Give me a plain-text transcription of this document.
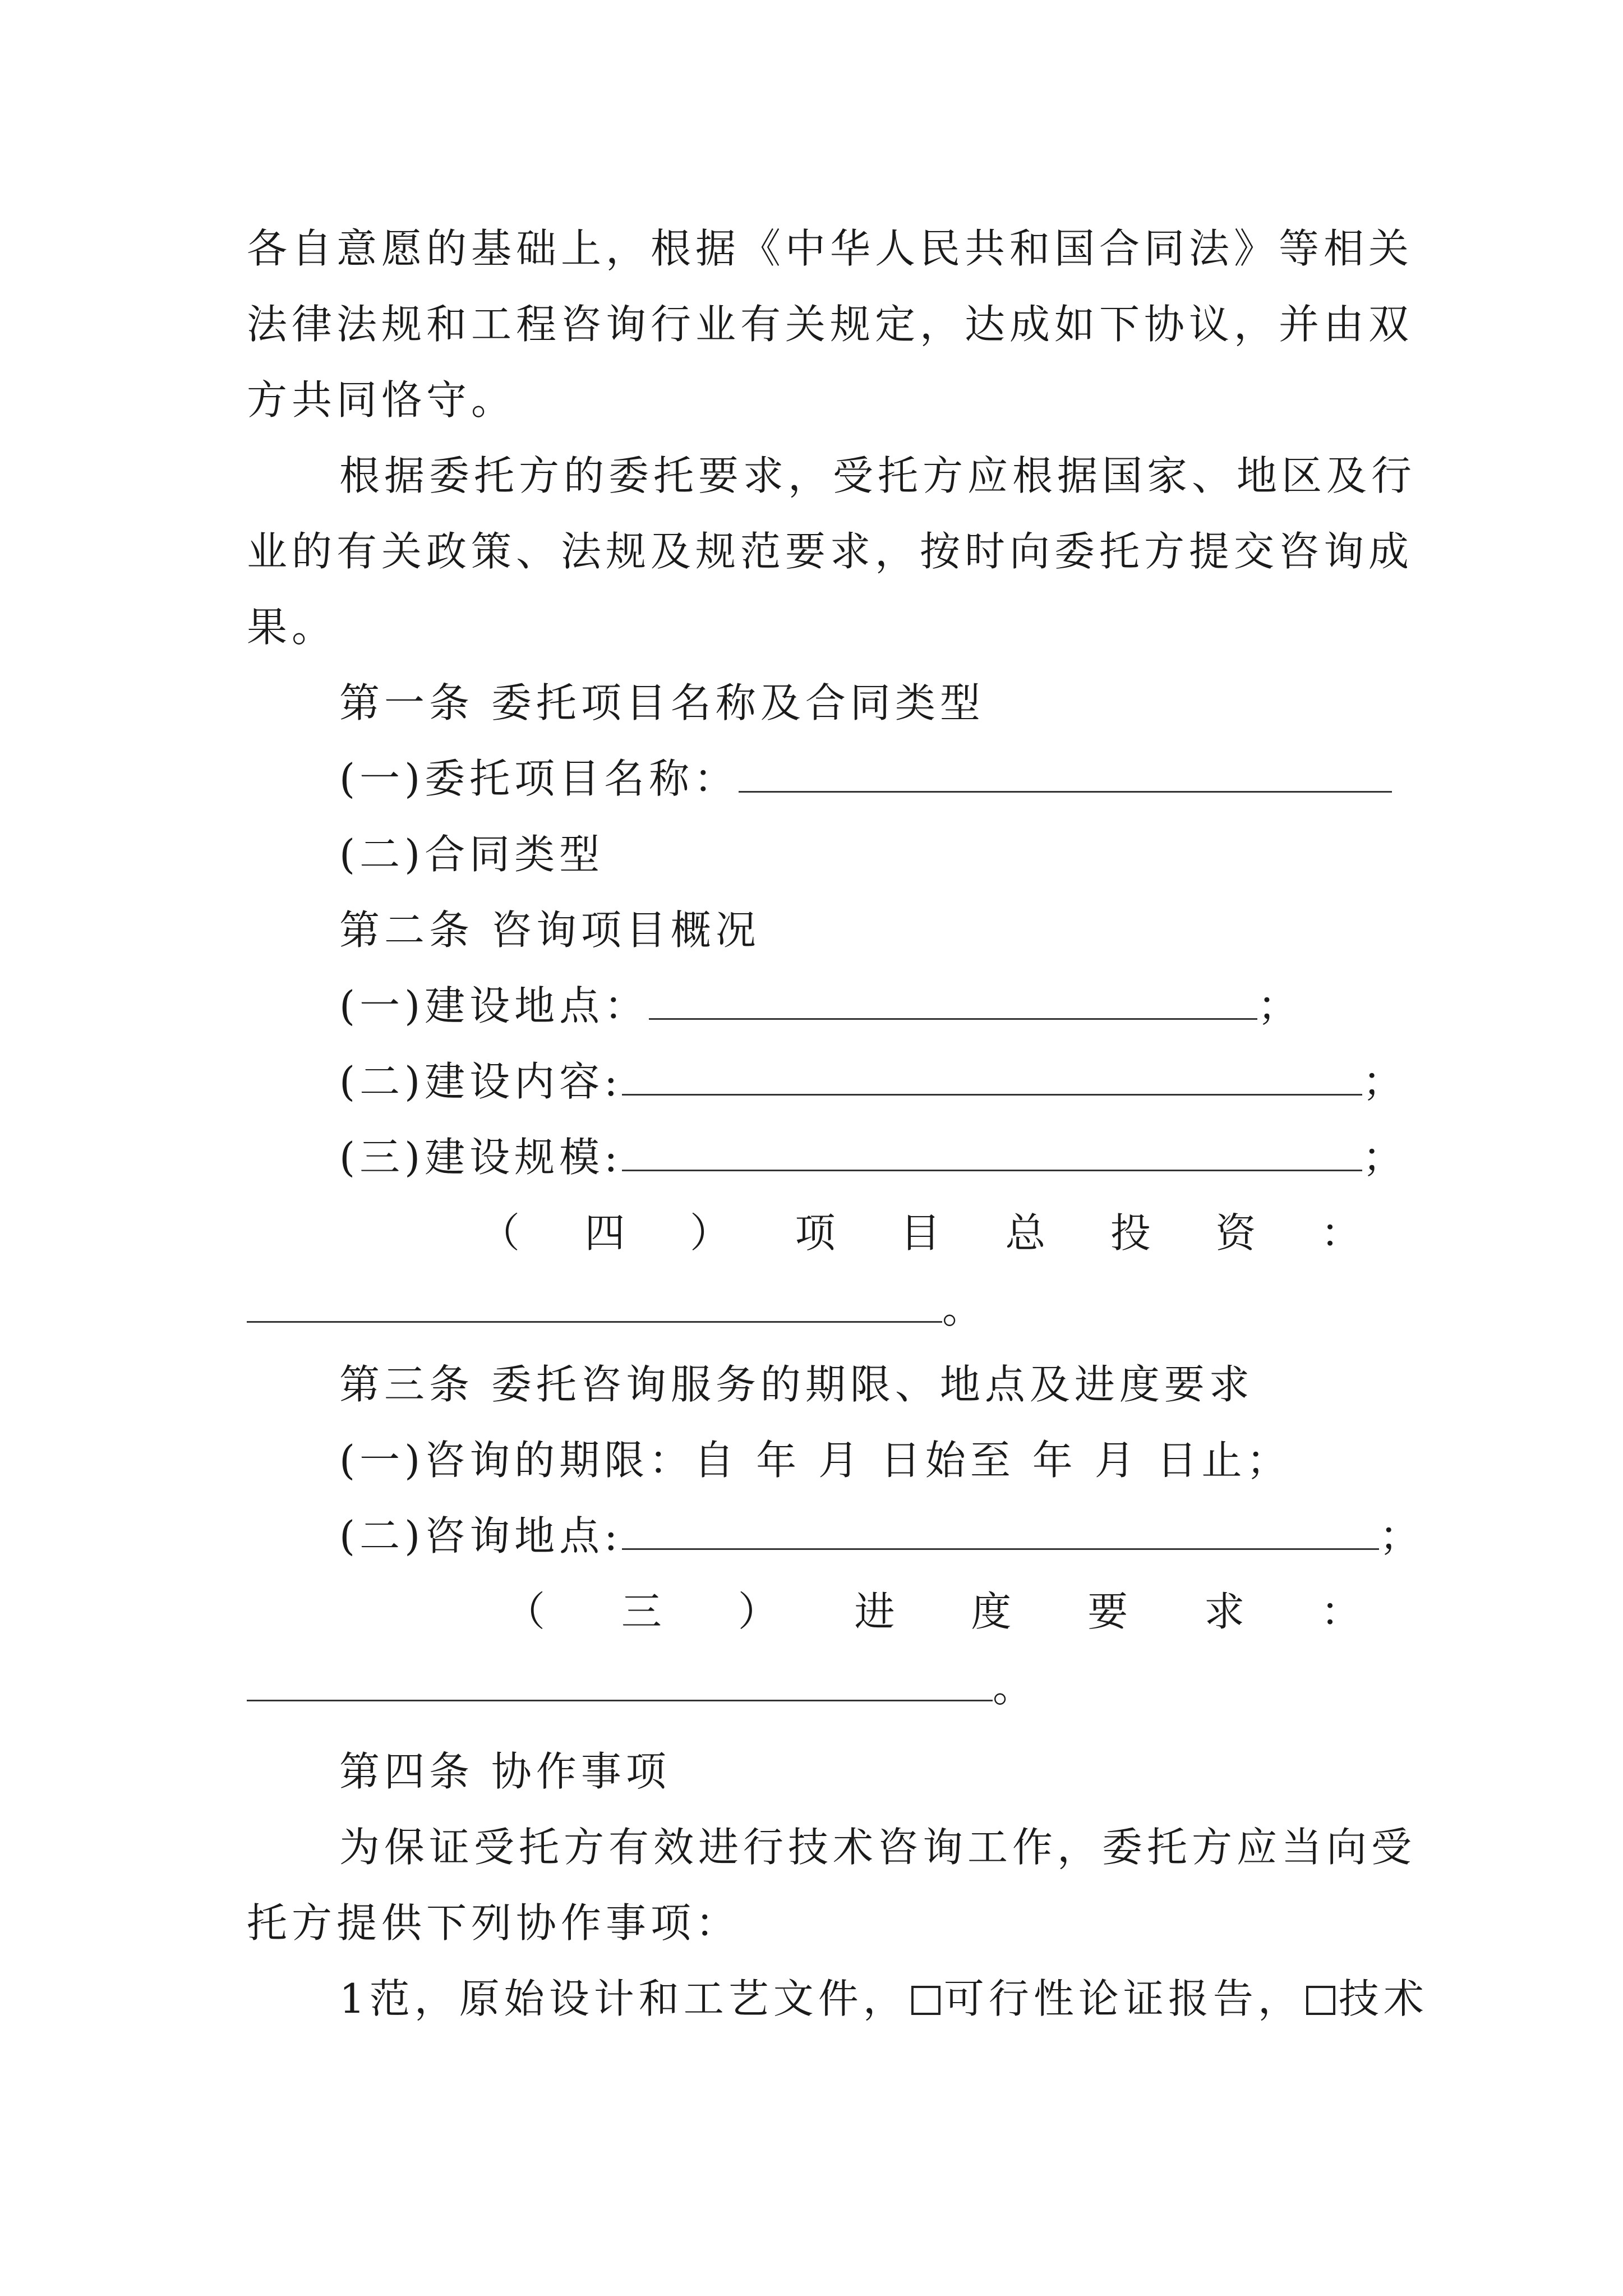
各自意愿的基础上，根据《中华人民共和国合同法》等相关
法律法规和工程咨询行业有关规定，达成如下协议，并由双
方共同恪守。
根据委托方的委托要求，受托方应根据国家、地区及行
业的有关政策、法规及规范要求，按时向委托方提交咨询成
果。
第一条 委托项目名称及合同类型
(一)委托项目名称：
(二)合同类型
第二条 咨询项目概况
(一)建设地点：	；
(二)建设内容:	；
(三)建设规模:	；
（ 四 ） 项 目 总 投 资 ：
。
第三条 委托咨询服务的期限、地点及进度要求
(一)咨询的期限：自 年 月 日始至 年 月 日止；
(二)咨询地点:	；
（ 三 ） 进 度 要 求 ：
。
第四条 协作事项
为保证受托方有效进行技术咨询工作，委托方应当向受
托方提供下列协作事项：
1范，原始设计和工艺文件， 可行性论证报告， 技术
